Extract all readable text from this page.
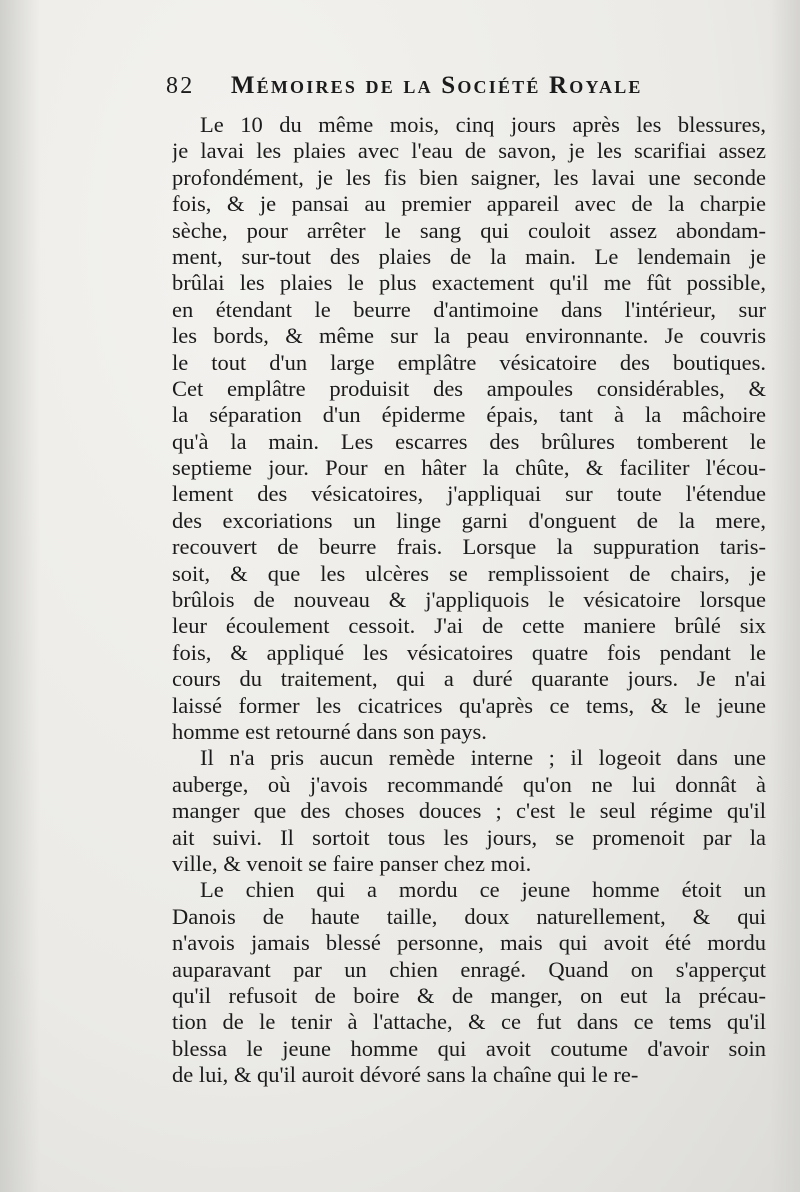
82 Mémoires de la Société Royale
Le 10 du même mois, cinq jours après les blessures,
je lavai les plaies avec l'eau de savon, je les scarifiai assez
profondément, je les fis bien saigner, les lavai une seconde
fois, & je pansai au premier appareil avec de la charpie
sèche, pour arrêter le sang qui couloit assez abondam-
ment, sur-tout des plaies de la main. Le lendemain je
brûlai les plaies le plus exactement qu'il me fût possible,
en étendant le beurre d'antimoine dans l'intérieur, sur
les bords, & même sur la peau environnante. Je couvris
le tout d'un large emplâtre vésicatoire des boutiques.
Cet emplâtre produisit des ampoules considérables, &
la séparation d'un épiderme épais, tant à la mâchoire
qu'à la main. Les escarres des brûlures tomberent le
septieme jour. Pour en hâter la chûte, & faciliter l'écou-
lement des vésicatoires, j'appliquai sur toute l'étendue
des excoriations un linge garni d'onguent de la mere,
recouvert de beurre frais. Lorsque la suppuration taris-
soit, & que les ulcères se remplissoient de chairs, je
brûlois de nouveau & j'appliquois le vésicatoire lorsque
leur écoulement cessoit. J'ai de cette maniere brûlé six
fois, & appliqué les vésicatoires quatre fois pendant le
cours du traitement, qui a duré quarante jours. Je n'ai
laissé former les cicatrices qu'après ce tems, & le jeune
homme est retourné dans son pays.
Il n'a pris aucun remède interne ; il logeoit dans une
auberge, où j'avois recommandé qu'on ne lui donnât à
manger que des choses douces ; c'est le seul régime qu'il
ait suivi. Il sortoit tous les jours, se promenoit par la
ville, & venoit se faire panser chez moi.
Le chien qui a mordu ce jeune homme étoit un
Danois de haute taille, doux naturellement, & qui
n'avois jamais blessé personne, mais qui avoit été mordu
auparavant par un chien enragé. Quand on s'apperçut
qu'il refusoit de boire & de manger, on eut la précau-
tion de le tenir à l'attache, & ce fut dans ce tems qu'il
blessa le jeune homme qui avoit coutume d'avoir soin
de lui, & qu'il auroit dévoré sans la chaîne qui le re-
